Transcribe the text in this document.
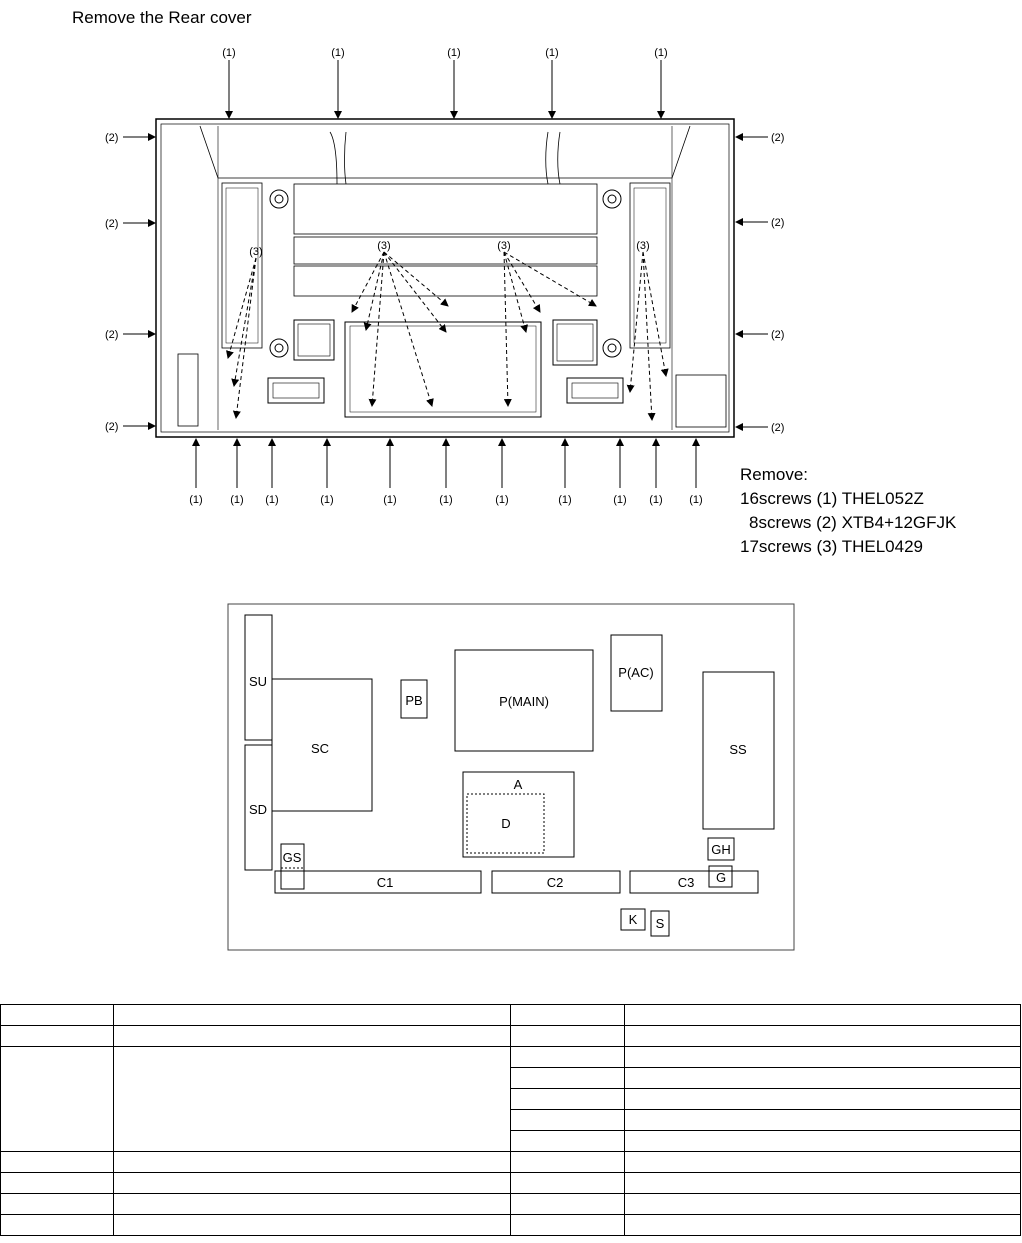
Remove the Rear cover
(1)	(1)	(1)	(1)	(1)
(2)
(2)
(2)
(2)
(2)
(2)
(2)
(2)
(1)	(1) (1)	(1)	(1)	(1)	(1)	(1)	(1) (1) (1)
(3)	(3)	(3)	(3)
Remove:
16screws (1) THEL052Z
8screws (2) XTB4+12GFJK
17screws (3) THEL0429
SU
SC
SD
PB	P(MAIN)
P(AC)
SS
A
D
GS
GH
G
C1	C2	C3
K S
